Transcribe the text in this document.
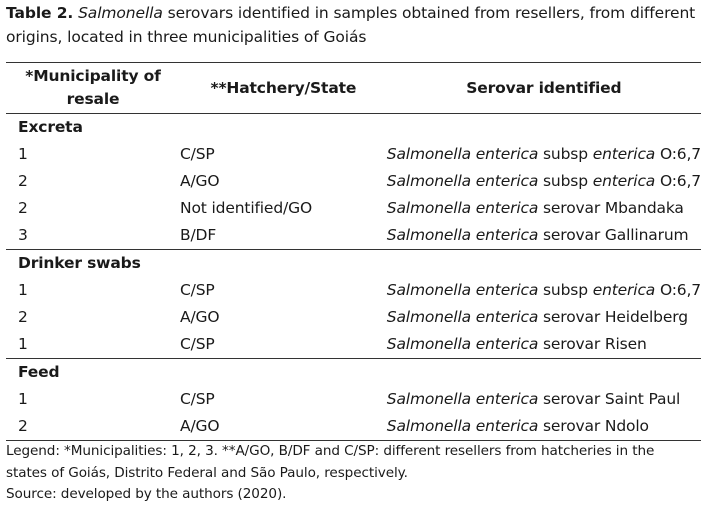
Table 2. Salmonella serovars identified in samples obtained from resellers, from different origins, located in three municipalities of Goiás
*Municipality of resale	**Hatchery/State	Serovar identified
Excreta		
1	C/SP	Salmonella enterica subsp enterica O:6,7
2	A/GO	Salmonella enterica subsp enterica O:6,7
2	Not identified/GO	Salmonella enterica serovar Mbandaka
3	B/DF	Salmonella enterica serovar Gallinarum
Drinker swabs		
1	C/SP	Salmonella enterica subsp enterica O:6,7
2	A/GO	Salmonella enterica serovar Heidelberg
1	C/SP	Salmonella enterica serovar Risen
Feed		
1	C/SP	Salmonella enterica serovar Saint Paul
2	A/GO	Salmonella enterica serovar Ndolo
Legend: *Municipalities: 1, 2, 3. **A/GO, B/DF and C/SP: different resellers from hatcheries in the states of Goiás, Distrito Federal and São Paulo, respectively.
Source: developed by the authors (2020).
